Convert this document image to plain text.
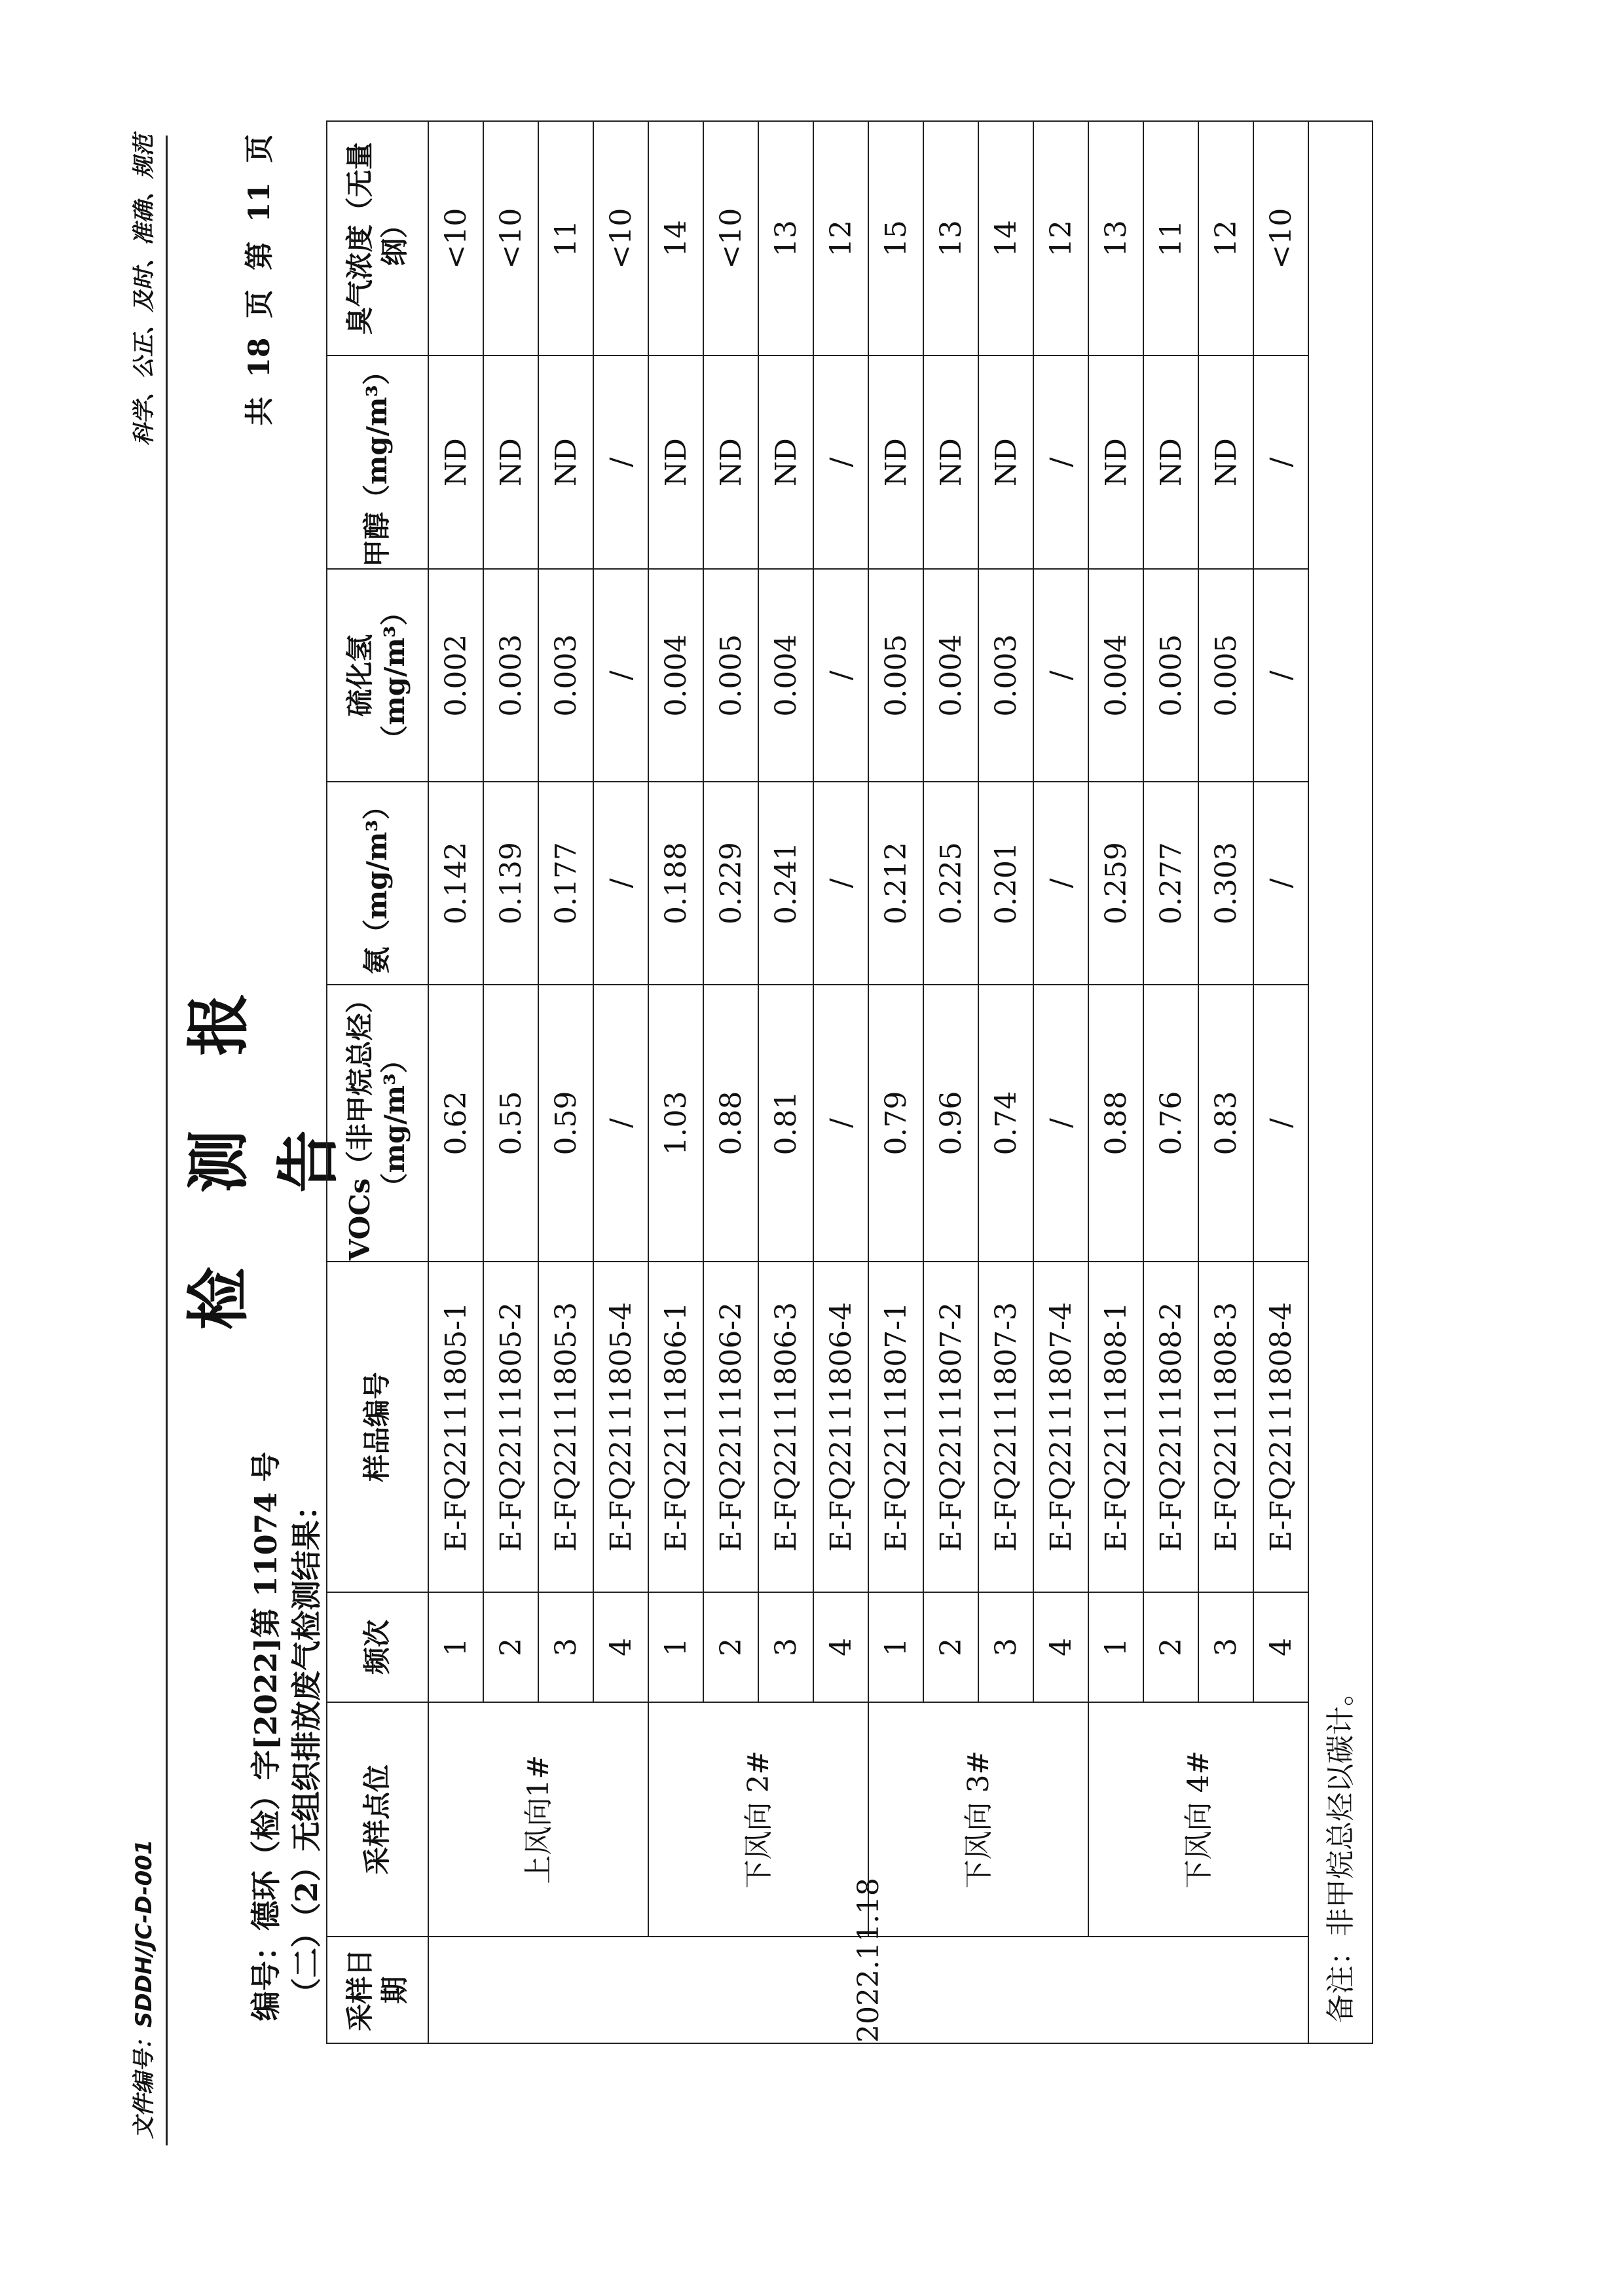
文件编号：SDDH/JC-D-001
科学、公正、及时、准确、规范
检 测 报 告
共 18 页 第 11 页
编号：德环（检）字[2022]第 11074 号 （二）（2）无组织排放废气检测结果： 采样日期	采样点位	频次	样品编号	VOCs（非甲烷总烃）（mg/m³）	氨（mg/m³）	硫化氢（mg/m³）	甲醇（mg/m³）	臭气浓度（无量纲）
2022.11.18	上风向1#	1	E-FQ22111805-1	0.62	0.142	0.002	ND	<10
		2	E-FQ22111805-2	0.55	0.139	0.003	ND	<10
		3	E-FQ22111805-3	0.59	0.177	0.003	ND	11
		4	E-FQ22111805-4	/	/	/	/	<10
	下风向 2#	1	E-FQ22111806-1	1.03	0.188	0.004	ND	14
		2	E-FQ22111806-2	0.88	0.229	0.005	ND	<10
		3	E-FQ22111806-3	0.81	0.241	0.004	ND	13
		4	E-FQ22111806-4	/	/	/	/	12
	下风向 3#	1	E-FQ22111807-1	0.79	0.212	0.005	ND	15
		2	E-FQ22111807-2	0.96	0.225	0.004	ND	13
		3	E-FQ22111807-3	0.74	0.201	0.003	ND	14
		4	E-FQ22111807-4	/	/	/	/	12
	下风向 4#	1	E-FQ22111808-1	0.88	0.259	0.004	ND	13
		2	E-FQ22111808-2	0.76	0.277	0.005	ND	11
		3	E-FQ22111808-3	0.83	0.303	0.005	ND	12
		4	E-FQ22111808-4	/	/	/	/	<10
备注：非甲烷总烃以碳计。								
